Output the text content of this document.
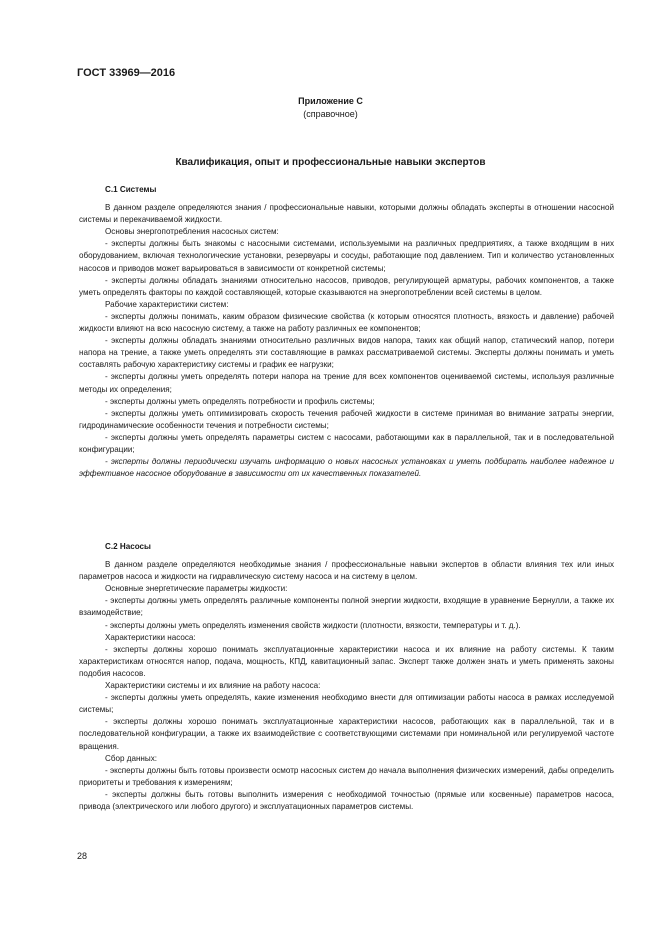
ГОСТ 33969—2016
Приложение С
(справочное)
Квалификация, опыт и профессиональные навыки экспертов
С.1 Системы

В данном разделе определяются знания / профессиональные навыки, которыми должны обладать эксперты в отношении насосной системы и перекачиваемой жидкости.

Основы энергопотребления насосных систем:

- эксперты должны быть знакомы с насосными системами, используемыми на различных предприятиях, а также входящим в них оборудованием, включая технологические установки, резервуары и сосуды, работающие под давлением. Тип и количество установленных насосов и приводов может варьироваться в зависимости от конкретной системы;

- эксперты должны обладать знаниями относительно насосов, приводов, регулирующей арматуры, рабочих компонентов, а также уметь определять факторы по каждой составляющей, которые сказываются на энергопотреблении всей системы в целом.

Рабочие характеристики систем:

- эксперты должны понимать, каким образом физические свойства (к которым относятся плотность, вязкость и давление) рабочей жидкости влияют на всю насосную систему, а также на работу различных ее компонентов;

- эксперты должны обладать знаниями относительно различных видов напора, таких как общий напор, статический напор, потери напора на трение, а также уметь определять эти составляющие в рамках рассматриваемой системы. Эксперты должны понимать и уметь составлять рабочую характеристику системы и график ее нагрузки;

- эксперты должны уметь определять потери напора на трение для всех компонентов оцениваемой системы, используя различные методы их определения;

- эксперты должны уметь определять потребности и профиль системы;

- эксперты должны уметь оптимизировать скорость течения рабочей жидкости в системе принимая во внимание затраты энергии, гидродинамические особенности течения и потребности системы;

- эксперты должны уметь определять параметры систем с насосами, работающими как в параллельной, так и в последовательной конфигурации;

- эксперты должны периодически изучать информацию о новых насосных установках и уметь подбирать наиболее надежное и эффективное насосное оборудование в зависимости от их качественных показателей.

С.2 Насосы

В данном разделе определяются необходимые знания / профессиональные навыки экспертов в области влияния тех или иных параметров насоса и жидкости на гидравлическую систему насоса и на систему в целом.

Основные энергетические параметры жидкости:

- эксперты должны уметь определять различные компоненты полной энергии жидкости, входящие в уравнение Бернулли, а также их взаимодействие;

- эксперты должны уметь определять изменения свойств жидкости (плотности, вязкости, температуры и т. д.).

Характеристики насоса:

- эксперты должны хорошо понимать эксплуатационные характеристики насоса и их влияние на работу системы. К таким характеристикам относятся напор, подача, мощность, КПД, кавитационный запас. Эксперт также должен знать и уметь применять законы подобия насосов.

Характеристики системы и их влияние на работу насоса:

- эксперты должны уметь определять, какие изменения необходимо внести для оптимизации работы насоса в рамках исследуемой системы;

- эксперты должны хорошо понимать эксплуатационные характеристики насосов, работающих как в параллельной, так и в последовательной конфигурации, а также их взаимодействие с соответствующими системами при номинальной или регулируемой частоте вращения.

Сбор данных:

- эксперты должны быть готовы произвести осмотр насосных систем до начала выполнения физических измерений, дабы определить приоритеты и требования к измерениям;

- эксперты должны быть готовы выполнить измерения с необходимой точностью (прямые или косвенные) параметров насоса, привода (электрического или любого другого) и эксплуатационных параметров системы.

28
